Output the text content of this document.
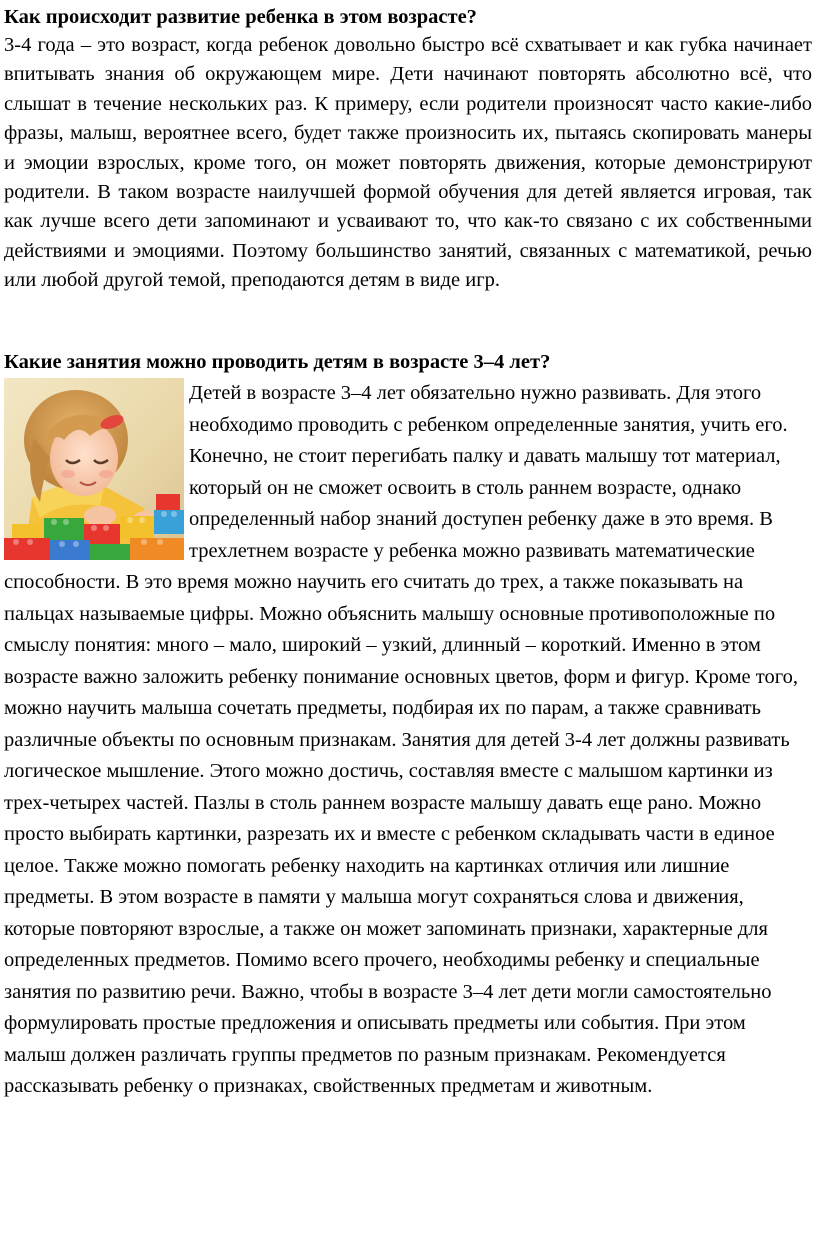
Как происходит развитие ребенка в этом возрасте?

3-4 года – это возраст, когда ребенок довольно быстро всё схватывает и как губка начинает впитывать знания об окружающем мире. Дети начинают повторять абсолютно всё, что слышат в течение нескольких раз. К примеру, если родители произносят часто какие-либо фразы, малыш, вероятнее всего, будет также произносить их, пытаясь скопировать манеры и эмоции взрослых, кроме того, он может повторять движения, которые демонстрируют родители. В таком возрасте наилучшей формой обучения для детей является игровая, так как лучше всего дети запоминают и усваивают то, что как-то связано с их собственными действиями и эмоциями. Поэтому большинство занятий, связанных с математикой, речью или любой другой темой, преподаются детям в виде игр.

Какие занятия можно проводить детям в возрасте 3–4 лет?

Детей в возрасте 3–4 лет обязательно нужно развивать. Для этого необходимо проводить с ребенком определенные занятия, учить его. Конечно, не стоит перегибать палку и давать малышу тот материал, который он не сможет освоить в столь раннем возрасте, однако определенный набор знаний доступен ребенку даже в это время. В трехлетнем возрасте у ребенка можно развивать математические способности. В это время можно научить его считать до трех, а также показывать на пальцах называемые цифры. Можно объяснить малышу основные противоположные по смыслу понятия: много – мало, широкий – узкий, длинный – короткий. Именно в этом возрасте важно заложить ребенку понимание основных цветов, форм и фигур. Кроме того, можно научить малыша сочетать предметы, подбирая их по парам, а также сравнивать различные объекты по основным признакам. Занятия для детей 3-4 лет должны развивать логическое мышление. Этого можно достичь, составляя вместе с малышом картинки из трех-четырех частей. Пазлы в столь раннем возрасте малышу давать еще рано. Можно просто выбирать картинки, разрезать их и вместе с ребенком складывать части в единое целое. Также можно помогать ребенку находить на картинках отличия или лишние предметы. В этом возрасте в памяти у малыша могут сохраняться слова и движения, которые повторяют взрослые, а также он может запоминать признаки, характерные для определенных предметов. Помимо всего прочего, необходимы ребенку и специальные занятия по развитию речи. Важно, чтобы в возрасте 3–4 лет дети могли самостоятельно формулировать простые предложения и описывать предметы или события. При этом малыш должен различать группы предметов по разным признакам. Рекомендуется рассказывать ребенку о признаках, свойственных предметам и животным.
